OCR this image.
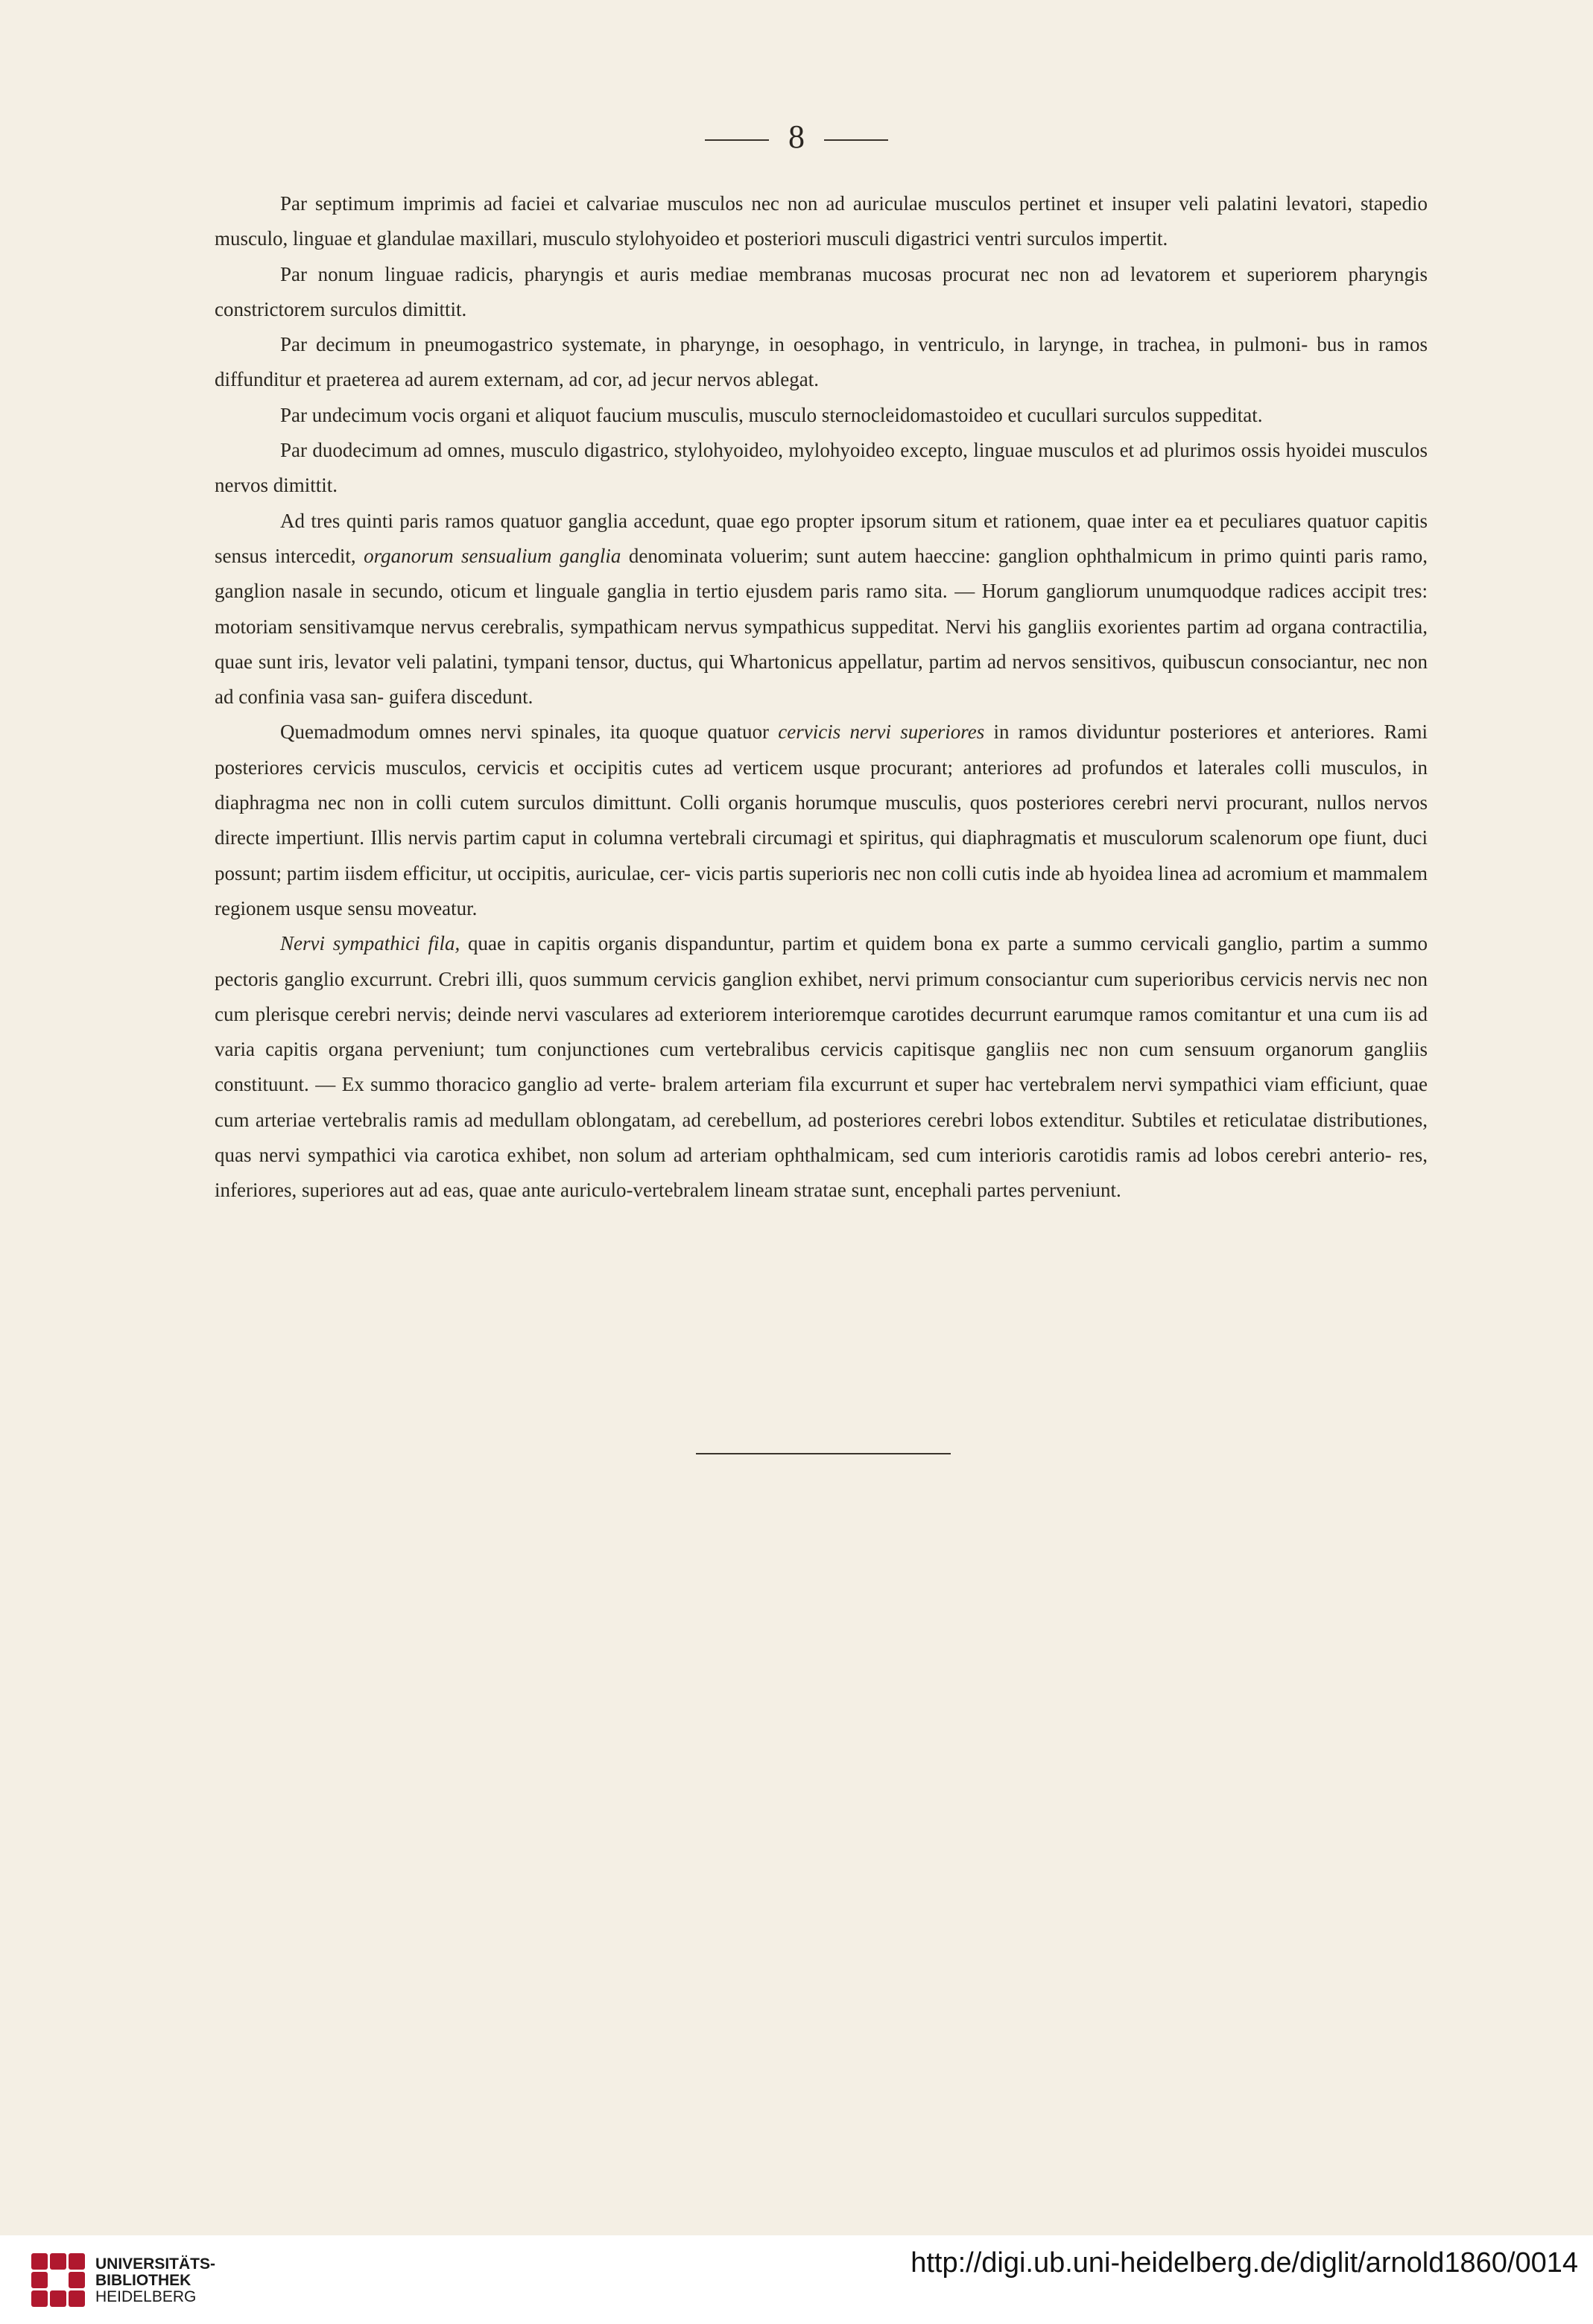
8

Par septimum imprimis ad faciei et calvariae musculos nec non ad auriculae musculos pertinet et insuper veli palatini levatori, stapedio musculo, linguae et glandulae maxillari, musculo stylohyoideo et posteriori musculi digastrici ventri surculos impertit.

Par nonum linguae radicis, pharyngis et auris mediae membranas mucosas procurat nec non ad levatorem et superiorem pharyngis constrictorem surculos dimittit.

Par decimum in pneumogastrico systemate, in pharynge, in oesophago, in ventriculo, in larynge, in trachea, in pulmoni- bus in ramos diffunditur et praeterea ad aurem externam, ad cor, ad jecur nervos ablegat.

Par undecimum vocis organi et aliquot faucium musculis, musculo sternocleidomastoideo et cucullari surculos suppeditat.

Par duodecimum ad omnes, musculo digastrico, stylohyoideo, mylohyoideo excepto, linguae musculos et ad plurimos ossis hyoidei musculos nervos dimittit.

Ad tres quinti paris ramos quatuor ganglia accedunt, quae ego propter ipsorum situm et rationem, quae inter ea et peculiares quatuor capitis sensus intercedit, organorum sensualium ganglia denominata voluerim; sunt autem haeccine: ganglion ophthalmicum in primo quinti paris ramo, ganglion nasale in secundo, oticum et linguale ganglia in tertio ejusdem paris ramo sita. — Horum gangliorum unumquodque radices accipit tres: motoriam sensitivamque nervus cerebralis, sympathicam nervus sympathicus suppeditat. Nervi his gangliis exorientes partim ad organa contractilia, quae sunt iris, levator veli palatini, tympani tensor, ductus, qui Whartonicus appellatur, partim ad nervos sensitivos, quibuscun consociantur, nec non ad confinia vasa san- guifera discedunt.

Quemadmodum omnes nervi spinales, ita quoque quatuor cervicis nervi superiores in ramos dividuntur posteriores et anteriores. Rami posteriores cervicis musculos, cervicis et occipitis cutes ad verticem usque procurant; anteriores ad profundos et laterales colli musculos, in diaphragma nec non in colli cutem surculos dimittunt. Colli organis horumque musculis, quos posteriores cerebri nervi procurant, nullos nervos directe impertiunt. Illis nervis partim caput in columna vertebrali circumagi et spiritus, qui diaphragmatis et musculorum scalenorum ope fiunt, duci possunt; partim iisdem efficitur, ut occipitis, auriculae, cer- vicis partis superioris nec non colli cutis inde ab hyoidea linea ad acromium et mammalem regionem usque sensu moveatur.

Nervi sympathici fila, quae in capitis organis dispanduntur, partim et quidem bona ex parte a summo cervicali ganglio, partim a summo pectoris ganglio excurrunt. Crebri illi, quos summum cervicis ganglion exhibet, nervi primum consociantur cum superioribus cervicis nervis nec non cum plerisque cerebri nervis; deinde nervi vasculares ad exteriorem interioremque carotides decurrunt earumque ramos comitantur et una cum iis ad varia capitis organa perveniunt; tum conjunctiones cum vertebralibus cervicis capitisque gangliis nec non cum sensuum organorum gangliis constituunt. — Ex summo thoracico ganglio ad verte- bralem arteriam fila excurrunt et super hac vertebralem nervi sympathici viam efficiunt, quae cum arteriae vertebralis ramis ad medullam oblongatam, ad cerebellum, ad posteriores cerebri lobos extenditur. Subtiles et reticulatae distributiones, quas nervi sympathici via carotica exhibet, non solum ad arteriam ophthalmicam, sed cum interioris carotidis ramis ad lobos cerebri anterio- res, inferiores, superiores aut ad eas, quae ante auriculo-vertebralem lineam stratae sunt, encephali partes perveniunt.

UNIVERSITÄTS-
BIBLIOTHEK
HEIDELBERG
http://digi.ub.uni-heidelberg.de/diglit/arnold1860/0014
